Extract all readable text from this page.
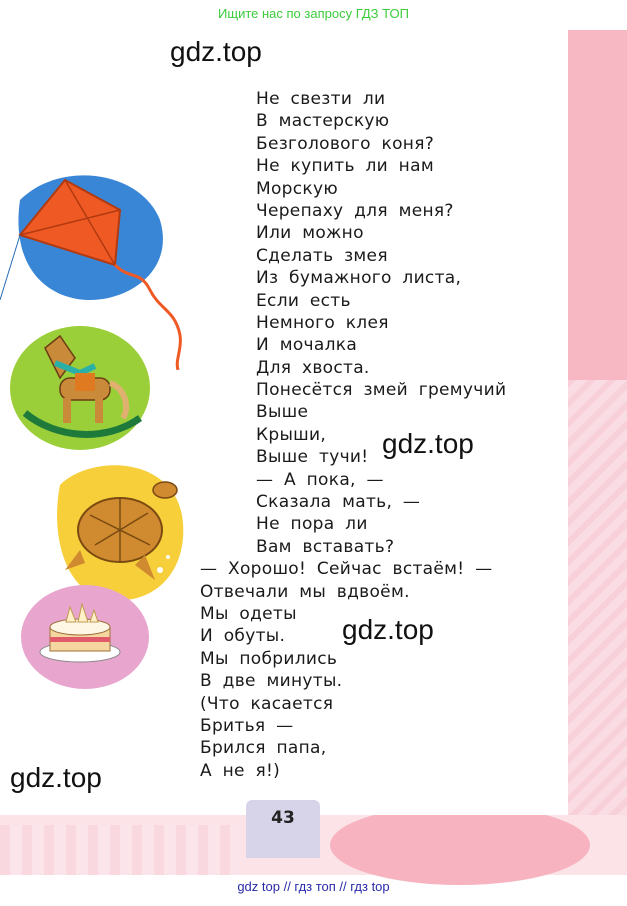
Ищите нас по запросу ГДЗ ТОП
gdz.top
gdz.top
gdz.top
gdz.top
Не свезти ли
В мастерскую
Безголового коня?
Не купить ли нам
Морскую
Черепаху для меня?
Или можно
Сделать змея
Из бумажного листа,
Если есть
Немного клея
И мочалка
Для хвоста.
Понесётся змей гремучий
Выше
Крыши,
Выше тучи!
— А пока, —
Сказала мать, —
Не пора ли
Вам вставать?
— Хорошо! Сейчас встаём! —
Отвечали мы вдвоём.
Мы одеты
И обуты.
Мы побрились
В две минуты.
(Что касается
Бритья —
Брился папа,
А не я!)
43
gdz top // гдз топ // гдз top
